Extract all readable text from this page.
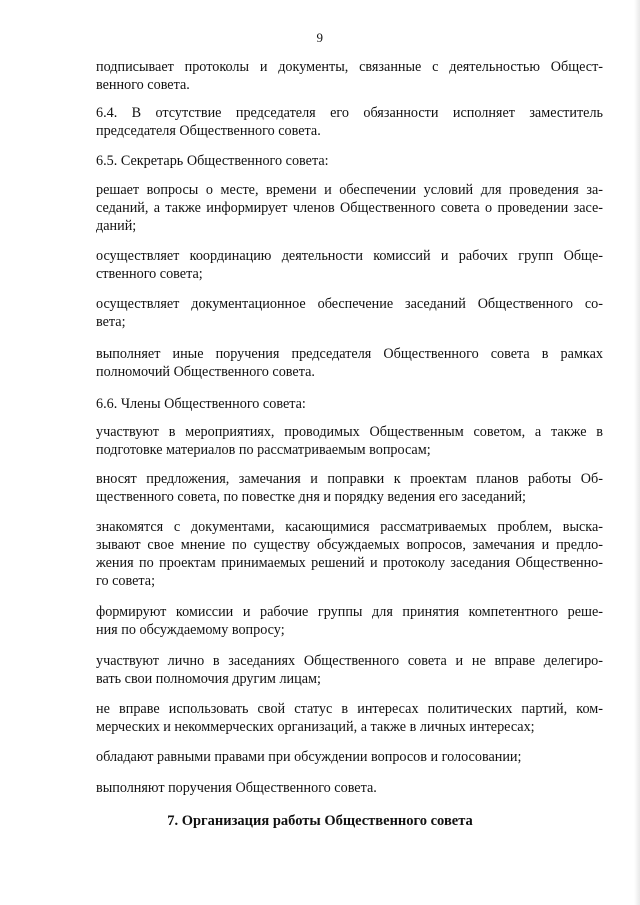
9

подписывает протоколы и документы, связанные с деятельностью Общест-
венного совета.

6.4. В отсутствие председателя его обязанности исполняет заместитель
председателя Общественного совета.

6.5. Секретарь Общественного совета:

решает вопросы о месте, времени и обеспечении условий для проведения за-
седаний, а также информирует членов Общественного совета о проведении засе-
даний;

осуществляет координацию деятельности комиссий и рабочих групп Обще-
ственного совета;

осуществляет документационное обеспечение заседаний Общественного со-
вета;

выполняет иные поручения председателя Общественного совета в рамках
полномочий Общественного совета.

6.6. Члены Общественного совета:

участвуют в мероприятиях, проводимых Общественным советом, а также в
подготовке материалов по рассматриваемым вопросам;

вносят предложения, замечания и поправки к проектам планов работы Об-
щественного совета, по повестке дня и порядку ведения его заседаний;

знакомятся с документами, касающимися рассматриваемых проблем, выска-
зывают свое мнение по существу обсуждаемых вопросов, замечания и предло-
жения по проектам принимаемых решений и протоколу заседания Общественно-
го совета;

формируют комиссии и рабочие группы для принятия компетентного реше-
ния по обсуждаемому вопросу;

участвуют лично в заседаниях Общественного совета и не вправе делегиро-
вать свои полномочия другим лицам;

не вправе использовать свой статус в интересах политических партий, ком-
мерческих и некоммерческих организаций, а также в личных интересах;

обладают равными правами при обсуждении вопросов и голосовании;

выполняют поручения Общественного совета.

7. Организация работы Общественного совета
